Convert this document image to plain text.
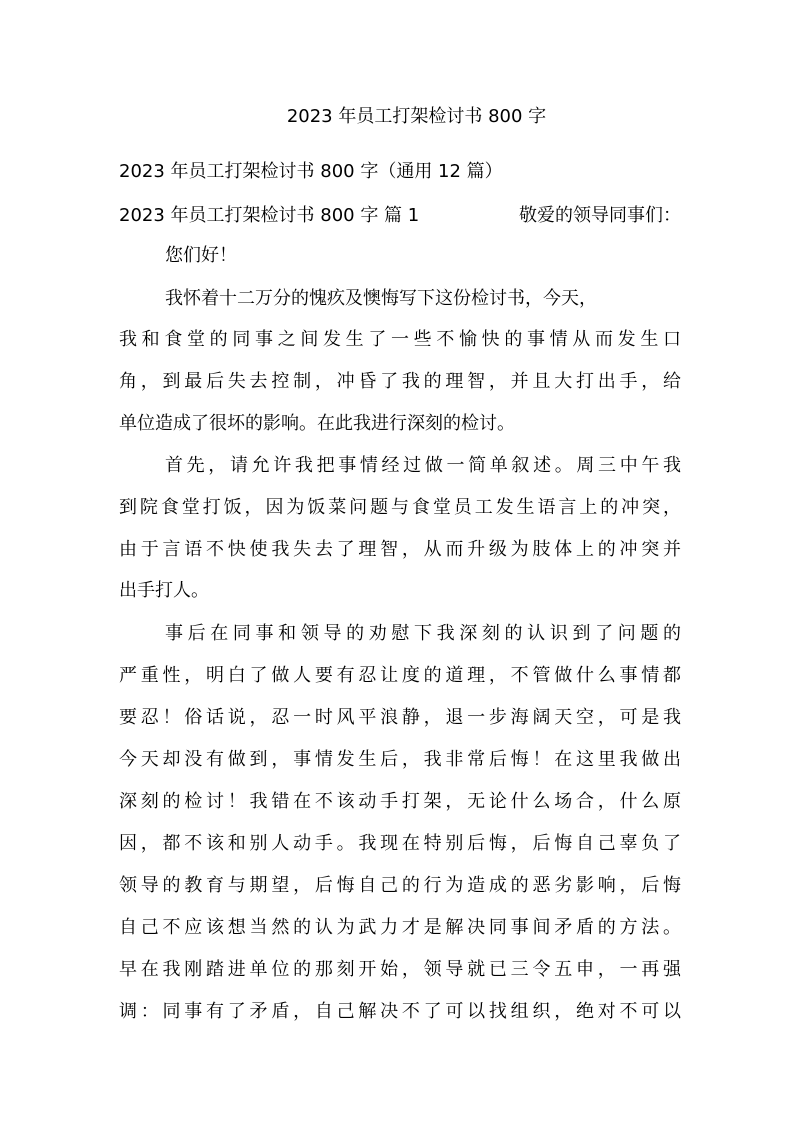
2023 年员工打架检讨书 800 字
2023 年员工打架检讨书 800 字（通用 12 篇）
2023 年员工打架检讨书 800 字 篇 1	敬爱的领导同事们：
您们好！
我怀着十二万分的愧疚及懊悔写下这份检讨书，今天，
我和食堂的同事之间发生了一些不愉快的事情从而发生口
角，到最后失去控制，冲昏了我的理智，并且大打出手，给
单位造成了很坏的影响。在此我进行深刻的检讨。
首先，请允许我把事情经过做一简单叙述。周三中午我
到院食堂打饭，因为饭菜问题与食堂员工发生语言上的冲突，
由于言语不快使我失去了理智，从而升级为肢体上的冲突并
出手打人。
事后在同事和领导的劝慰下我深刻的认识到了问题的
严重性，明白了做人要有忍让度的道理，不管做什么事情都
要忍！俗话说，忍一时风平浪静，退一步海阔天空，可是我
今天却没有做到，事情发生后，我非常后悔！在这里我做出
深刻的检讨！我错在不该动手打架，无论什么场合，什么原
因，都不该和别人动手。我现在特别后悔，后悔自己辜负了
领导的教育与期望，后悔自己的行为造成的恶劣影响，后悔
自己不应该想当然的认为武力才是解决同事间矛盾的方法。
早在我刚踏进单位的那刻开始，领导就已三令五申，一再强
调：同事有了矛盾，自己解决不了可以找组织，绝对不可以
